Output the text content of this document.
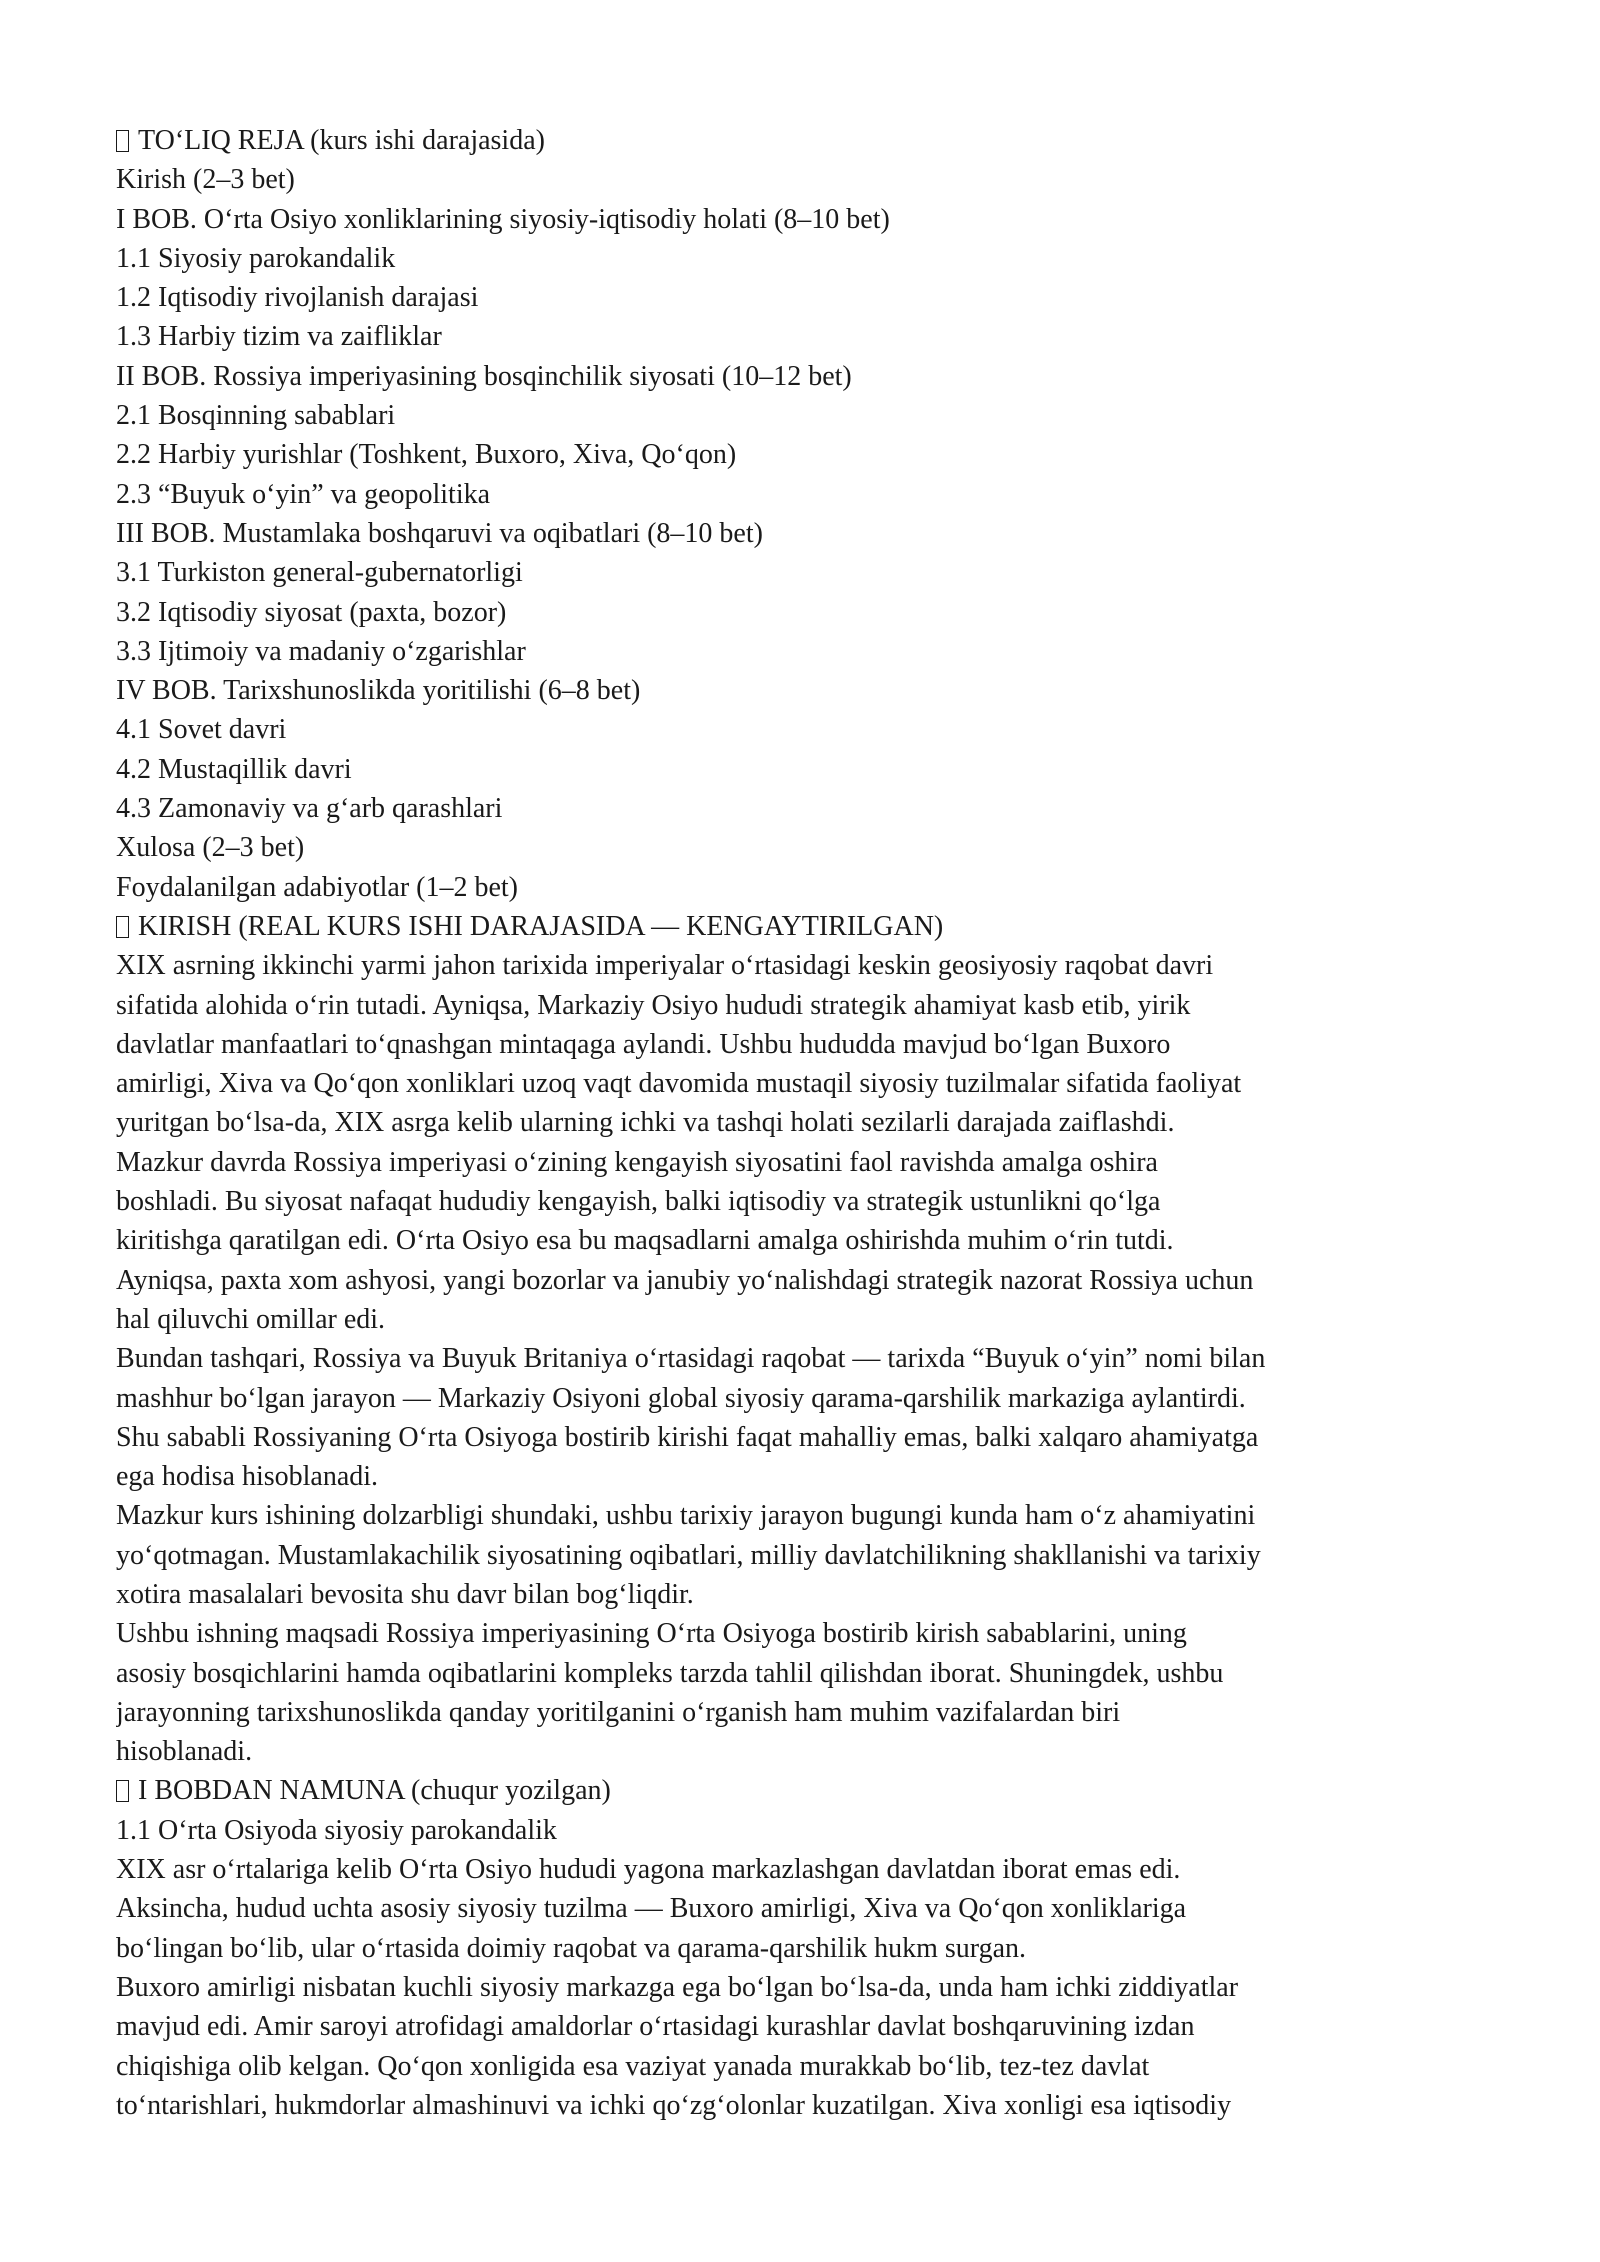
TO‘LIQ REJA (kurs ishi darajasida)
Kirish (2–3 bet)
I BOB. O‘rta Osiyo xonliklarining siyosiy-iqtisodiy holati (8–10 bet)
1.1 Siyosiy parokandalik
1.2 Iqtisodiy rivojlanish darajasi
1.3 Harbiy tizim va zaifliklar
II BOB. Rossiya imperiyasining bosqinchilik siyosati (10–12 bet)
2.1 Bosqinning sabablari
2.2 Harbiy yurishlar (Toshkent, Buxoro, Xiva, Qo‘qon)
2.3 “Buyuk o‘yin” va geopolitika
III BOB. Mustamlaka boshqaruvi va oqibatlari (8–10 bet)
3.1 Turkiston general-gubernatorligi
3.2 Iqtisodiy siyosat (paxta, bozor)
3.3 Ijtimoiy va madaniy o‘zgarishlar
IV BOB. Tarixshunoslikda yoritilishi (6–8 bet)
4.1 Sovet davri
4.2 Mustaqillik davri
4.3 Zamonaviy va g‘arb qarashlari
Xulosa (2–3 bet)
Foydalanilgan adabiyotlar (1–2 bet)
KIRISH (REAL KURS ISHI DARAJASIDA — KENGAYTIRILGAN)
XIX asrning ikkinchi yarmi jahon tarixida imperiyalar o‘rtasidagi keskin geosiyosiy raqobat davri
sifatida alohida o‘rin tutadi. Ayniqsa, Markaziy Osiyo hududi strategik ahamiyat kasb etib, yirik
davlatlar manfaatlari to‘qnashgan mintaqaga aylandi. Ushbu hududda mavjud bo‘lgan Buxoro
amirligi, Xiva va Qo‘qon xonliklari uzoq vaqt davomida mustaqil siyosiy tuzilmalar sifatida faoliyat
yuritgan bo‘lsa-da, XIX asrga kelib ularning ichki va tashqi holati sezilarli darajada zaiflashdi.
Mazkur davrda Rossiya imperiyasi o‘zining kengayish siyosatini faol ravishda amalga oshira
boshladi. Bu siyosat nafaqat hududiy kengayish, balki iqtisodiy va strategik ustunlikni qo‘lga
kiritishga qaratilgan edi. O‘rta Osiyo esa bu maqsadlarni amalga oshirishda muhim o‘rin tutdi.
Ayniqsa, paxta xom ashyosi, yangi bozorlar va janubiy yo‘nalishdagi strategik nazorat Rossiya uchun
hal qiluvchi omillar edi.
Bundan tashqari, Rossiya va Buyuk Britaniya o‘rtasidagi raqobat — tarixda “Buyuk o‘yin” nomi bilan
mashhur bo‘lgan jarayon — Markaziy Osiyoni global siyosiy qarama-qarshilik markaziga aylantirdi.
Shu sababli Rossiyaning O‘rta Osiyoga bostirib kirishi faqat mahalliy emas, balki xalqaro ahamiyatga
ega hodisa hisoblanadi.
Mazkur kurs ishining dolzarbligi shundaki, ushbu tarixiy jarayon bugungi kunda ham o‘z ahamiyatini
yo‘qotmagan. Mustamlakachilik siyosatining oqibatlari, milliy davlatchilikning shakllanishi va tarixiy
xotira masalalari bevosita shu davr bilan bog‘liqdir.
Ushbu ishning maqsadi Rossiya imperiyasining O‘rta Osiyoga bostirib kirish sabablarini, uning
asosiy bosqichlarini hamda oqibatlarini kompleks tarzda tahlil qilishdan iborat. Shuningdek, ushbu
jarayonning tarixshunoslikda qanday yoritilganini o‘rganish ham muhim vazifalardan biri
hisoblanadi.
I BOBDAN NAMUNA (chuqur yozilgan)
1.1 O‘rta Osiyoda siyosiy parokandalik
XIX asr o‘rtalariga kelib O‘rta Osiyo hududi yagona markazlashgan davlatdan iborat emas edi.
Aksincha, hudud uchta asosiy siyosiy tuzilma — Buxoro amirligi, Xiva va Qo‘qon xonliklariga
bo‘lingan bo‘lib, ular o‘rtasida doimiy raqobat va qarama-qarshilik hukm surgan.
Buxoro amirligi nisbatan kuchli siyosiy markazga ega bo‘lgan bo‘lsa-da, unda ham ichki ziddiyatlar
mavjud edi. Amir saroyi atrofidagi amaldorlar o‘rtasidagi kurashlar davlat boshqaruvining izdan
chiqishiga olib kelgan. Qo‘qon xonligida esa vaziyat yanada murakkab bo‘lib, tez-tez davlat
to‘ntarishlari, hukmdorlar almashinuvi va ichki qo‘zg‘olonlar kuzatilgan. Xiva xonligi esa iqtisodiy
